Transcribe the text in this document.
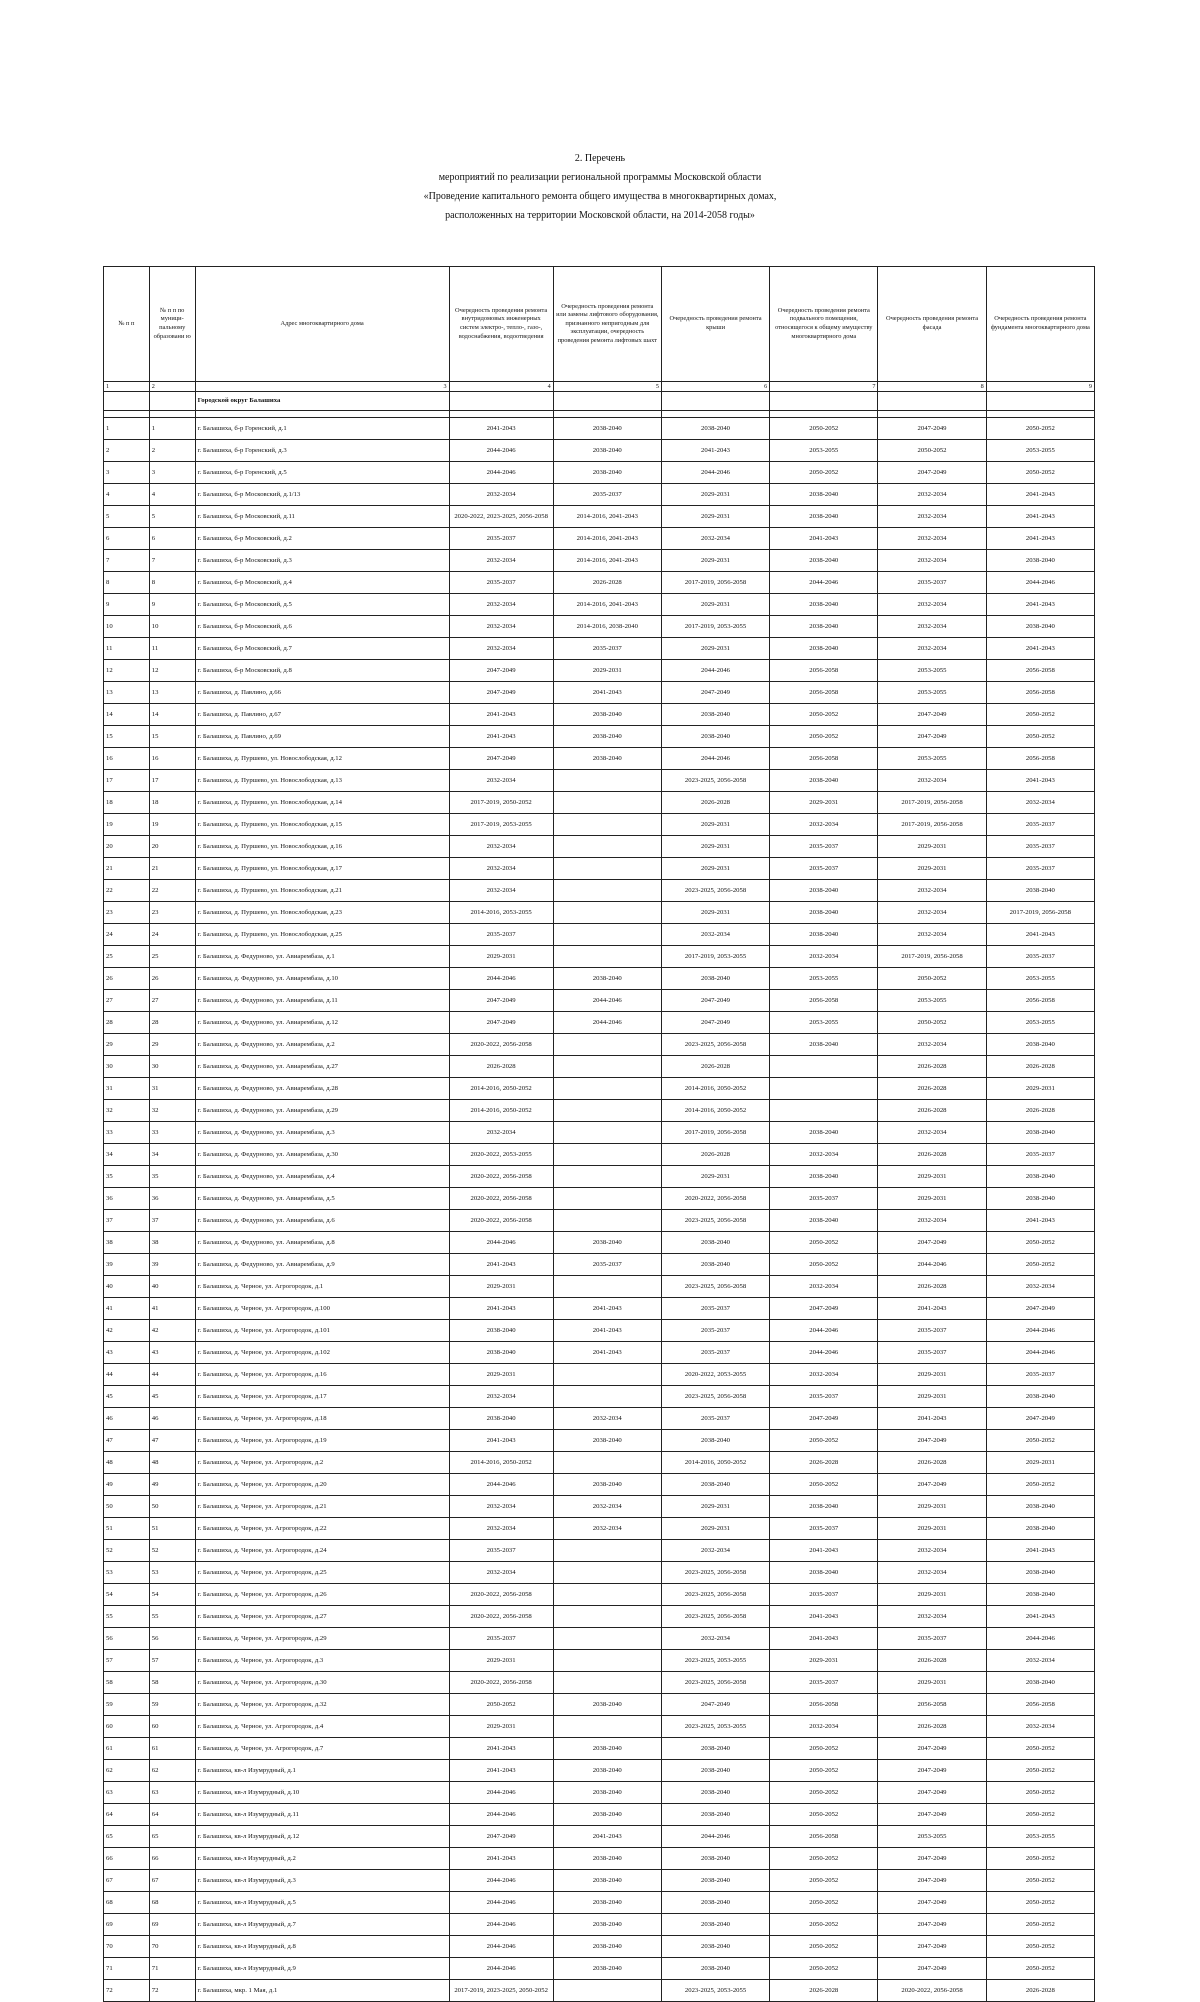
2. Перечень
мероприятий по реализации региональной программы Московской области
«Проведение капитального ремонта общего имущества в многоквартирных домах,
расположенных на территории Московской области, на 2014-2058 годы»
№ п п	№ п п по муници- пальному образовани ю	Адрес многоквартирного дома	Очередность проведения ремонта внутридомовых инженерных систем электро-, тепло-, газо-, водоснабжения, водоотведения	Очередность проведения ремонта или замены лифтового оборудования, признанного непригодным для эксплуатации, очередность проведения ремонта лифтовых шахт	Очередность проведения ремонта крыши	Очередность проведения ремонта подвального помещения, относящегося к общему имуществу многоквартирного дома	Очередность проведения ремонта фасада	Очередность проведения ремонта фундамента многоквартирного дома
1	2	3	4	5	6	7	8	9
		Городской округ Балашиха						

1	1	г. Балашиха, б-р Горенский, д.1	2041-2043	2038-2040	2038-2040	2050-2052	2047-2049	2050-2052
2	2	г. Балашиха, б-р Горенский, д.3	2044-2046	2038-2040	2041-2043	2053-2055	2050-2052	2053-2055
3	3	г. Балашиха, б-р Горенский, д.5	2044-2046	2038-2040	2044-2046	2050-2052	2047-2049	2050-2052
4	4	г. Балашиха, б-р Московский, д.1/13	2032-2034	2035-2037	2029-2031	2038-2040	2032-2034	2041-2043
5	5	г. Балашиха, б-р Московский, д.11	2020-2022, 2023-2025, 2056-2058	2014-2016, 2041-2043	2029-2031	2038-2040	2032-2034	2041-2043
6	6	г. Балашиха, б-р Московский, д.2	2035-2037	2014-2016, 2041-2043	2032-2034	2041-2043	2032-2034	2041-2043
7	7	г. Балашиха, б-р Московский, д.3	2032-2034	2014-2016, 2041-2043	2029-2031	2038-2040	2032-2034	2038-2040
8	8	г. Балашиха, б-р Московский, д.4	2035-2037	2026-2028	2017-2019, 2056-2058	2044-2046	2035-2037	2044-2046
9	9	г. Балашиха, б-р Московский, д.5	2032-2034	2014-2016, 2041-2043	2029-2031	2038-2040	2032-2034	2041-2043
10	10	г. Балашиха, б-р Московский, д.6	2032-2034	2014-2016, 2038-2040	2017-2019, 2053-2055	2038-2040	2032-2034	2038-2040
11	11	г. Балашиха, б-р Московский, д.7	2032-2034	2035-2037	2029-2031	2038-2040	2032-2034	2041-2043
12	12	г. Балашиха, б-р Московский, д.8	2047-2049	2029-2031	2044-2046	2056-2058	2053-2055	2056-2058
13	13	г. Балашиха, д. Павлино, д.66	2047-2049	2041-2043	2047-2049	2056-2058	2053-2055	2056-2058
14	14	г. Балашиха, д. Павлино, д.67	2041-2043	2038-2040	2038-2040	2050-2052	2047-2049	2050-2052
15	15	г. Балашиха, д. Павлино, д.69	2041-2043	2038-2040	2038-2040	2050-2052	2047-2049	2050-2052
16	16	г. Балашиха, д. Пуршево, ул. Новослободская, д.12	2047-2049	2038-2040	2044-2046	2056-2058	2053-2055	2056-2058
17	17	г. Балашиха, д. Пуршево, ул. Новослободская, д.13	2032-2034		2023-2025, 2056-2058	2038-2040	2032-2034	2041-2043
18	18	г. Балашиха, д. Пуршево, ул. Новослободская, д.14	2017-2019, 2050-2052		2026-2028	2029-2031	2017-2019, 2056-2058	2032-2034
19	19	г. Балашиха, д. Пуршево, ул. Новослободская, д.15	2017-2019, 2053-2055		2029-2031	2032-2034	2017-2019, 2056-2058	2035-2037
20	20	г. Балашиха, д. Пуршево, ул. Новослободская, д.16	2032-2034		2029-2031	2035-2037	2029-2031	2035-2037
21	21	г. Балашиха, д. Пуршево, ул. Новослободская, д.17	2032-2034		2029-2031	2035-2037	2029-2031	2035-2037
22	22	г. Балашиха, д. Пуршево, ул. Новослободская, д.21	2032-2034		2023-2025, 2056-2058	2038-2040	2032-2034	2038-2040
23	23	г. Балашиха, д. Пуршево, ул. Новослободская, д.23	2014-2016, 2053-2055		2029-2031	2038-2040	2032-2034	2017-2019, 2056-2058
24	24	г. Балашиха, д. Пуршево, ул. Новослободская, д.25	2035-2037		2032-2034	2038-2040	2032-2034	2041-2043
25	25	г. Балашиха, д. Федурново, ул. Авиарембаза, д.1	2029-2031		2017-2019, 2053-2055	2032-2034	2017-2019, 2056-2058	2035-2037
26	26	г. Балашиха, д. Федурново, ул. Авиарембаза, д.10	2044-2046	2038-2040	2038-2040	2053-2055	2050-2052	2053-2055
27	27	г. Балашиха, д. Федурново, ул. Авиарембаза, д.11	2047-2049	2044-2046	2047-2049	2056-2058	2053-2055	2056-2058
28	28	г. Балашиха, д. Федурново, ул. Авиарембаза, д.12	2047-2049	2044-2046	2047-2049	2053-2055	2050-2052	2053-2055
29	29	г. Балашиха, д. Федурново, ул. Авиарембаза, д.2	2020-2022, 2056-2058		2023-2025, 2056-2058	2038-2040	2032-2034	2038-2040
30	30	г. Балашиха, д. Федурново, ул. Авиарембаза, д.27	2026-2028		2026-2028		2026-2028	2026-2028
31	31	г. Балашиха, д. Федурново, ул. Авиарембаза, д.28	2014-2016, 2050-2052		2014-2016, 2050-2052		2026-2028	2029-2031
32	32	г. Балашиха, д. Федурново, ул. Авиарембаза, д.29	2014-2016, 2050-2052		2014-2016, 2050-2052		2026-2028	2026-2028
33	33	г. Балашиха, д. Федурново, ул. Авиарембаза, д.3	2032-2034		2017-2019, 2056-2058	2038-2040	2032-2034	2038-2040
34	34	г. Балашиха, д. Федурново, ул. Авиарембаза, д.30	2020-2022, 2053-2055		2026-2028	2032-2034	2026-2028	2035-2037
35	35	г. Балашиха, д. Федурново, ул. Авиарембаза, д.4	2020-2022, 2056-2058		2029-2031	2038-2040	2029-2031	2038-2040
36	36	г. Балашиха, д. Федурново, ул. Авиарембаза, д.5	2020-2022, 2056-2058		2020-2022, 2056-2058	2035-2037	2029-2031	2038-2040
37	37	г. Балашиха, д. Федурново, ул. Авиарембаза, д.6	2020-2022, 2056-2058		2023-2025, 2056-2058	2038-2040	2032-2034	2041-2043
38	38	г. Балашиха, д. Федурново, ул. Авиарембаза, д.8	2044-2046	2038-2040	2038-2040	2050-2052	2047-2049	2050-2052
39	39	г. Балашиха, д. Федурново, ул. Авиарембаза, д.9	2041-2043	2035-2037	2038-2040	2050-2052	2044-2046	2050-2052
40	40	г. Балашиха, д. Черное, ул. Агрогородок, д.1	2029-2031		2023-2025, 2056-2058	2032-2034	2026-2028	2032-2034
41	41	г. Балашиха, д. Черное, ул. Агрогородок, д.100	2041-2043	2041-2043	2035-2037	2047-2049	2041-2043	2047-2049
42	42	г. Балашиха, д. Черное, ул. Агрогородок, д.101	2038-2040	2041-2043	2035-2037	2044-2046	2035-2037	2044-2046
43	43	г. Балашиха, д. Черное, ул. Агрогородок, д.102	2038-2040	2041-2043	2035-2037	2044-2046	2035-2037	2044-2046
44	44	г. Балашиха, д. Черное, ул. Агрогородок, д.16	2029-2031		2020-2022, 2053-2055	2032-2034	2029-2031	2035-2037
45	45	г. Балашиха, д. Черное, ул. Агрогородок, д.17	2032-2034		2023-2025, 2056-2058	2035-2037	2029-2031	2038-2040
46	46	г. Балашиха, д. Черное, ул. Агрогородок, д.18	2038-2040	2032-2034	2035-2037	2047-2049	2041-2043	2047-2049
47	47	г. Балашиха, д. Черное, ул. Агрогородок, д.19	2041-2043	2038-2040	2038-2040	2050-2052	2047-2049	2050-2052
48	48	г. Балашиха, д. Черное, ул. Агрогородок, д.2	2014-2016, 2050-2052		2014-2016, 2050-2052	2026-2028	2026-2028	2029-2031
49	49	г. Балашиха, д. Черное, ул. Агрогородок, д.20	2044-2046	2038-2040	2038-2040	2050-2052	2047-2049	2050-2052
50	50	г. Балашиха, д. Черное, ул. Агрогородок, д.21	2032-2034	2032-2034	2029-2031	2038-2040	2029-2031	2038-2040
51	51	г. Балашиха, д. Черное, ул. Агрогородок, д.22	2032-2034	2032-2034	2029-2031	2035-2037	2029-2031	2038-2040
52	52	г. Балашиха, д. Черное, ул. Агрогородок, д.24	2035-2037		2032-2034	2041-2043	2032-2034	2041-2043
53	53	г. Балашиха, д. Черное, ул. Агрогородок, д.25	2032-2034		2023-2025, 2056-2058	2038-2040	2032-2034	2038-2040
54	54	г. Балашиха, д. Черное, ул. Агрогородок, д.26	2020-2022, 2056-2058		2023-2025, 2056-2058	2035-2037	2029-2031	2038-2040
55	55	г. Балашиха, д. Черное, ул. Агрогородок, д.27	2020-2022, 2056-2058		2023-2025, 2056-2058	2041-2043	2032-2034	2041-2043
56	56	г. Балашиха, д. Черное, ул. Агрогородок, д.29	2035-2037		2032-2034	2041-2043	2035-2037	2044-2046
57	57	г. Балашиха, д. Черное, ул. Агрогородок, д.3	2029-2031		2023-2025, 2053-2055	2029-2031	2026-2028	2032-2034
58	58	г. Балашиха, д. Черное, ул. Агрогородок, д.30	2020-2022, 2056-2058		2023-2025, 2056-2058	2035-2037	2029-2031	2038-2040
59	59	г. Балашиха, д. Черное, ул. Агрогородок, д.32	2050-2052	2038-2040	2047-2049	2056-2058	2056-2058	2056-2058
60	60	г. Балашиха, д. Черное, ул. Агрогородок, д.4	2029-2031		2023-2025, 2053-2055	2032-2034	2026-2028	2032-2034
61	61	г. Балашиха, д. Черное, ул. Агрогородок, д.7	2041-2043	2038-2040	2038-2040	2050-2052	2047-2049	2050-2052
62	62	г. Балашиха, кв-л Изумрудный, д.1	2041-2043	2038-2040	2038-2040	2050-2052	2047-2049	2050-2052
63	63	г. Балашиха, кв-л Изумрудный, д.10	2044-2046	2038-2040	2038-2040	2050-2052	2047-2049	2050-2052
64	64	г. Балашиха, кв-л Изумрудный, д.11	2044-2046	2038-2040	2038-2040	2050-2052	2047-2049	2050-2052
65	65	г. Балашиха, кв-л Изумрудный, д.12	2047-2049	2041-2043	2044-2046	2056-2058	2053-2055	2053-2055
66	66	г. Балашиха, кв-л Изумрудный, д.2	2041-2043	2038-2040	2038-2040	2050-2052	2047-2049	2050-2052
67	67	г. Балашиха, кв-л Изумрудный, д.3	2044-2046	2038-2040	2038-2040	2050-2052	2047-2049	2050-2052
68	68	г. Балашиха, кв-л Изумрудный, д.5	2044-2046	2038-2040	2038-2040	2050-2052	2047-2049	2050-2052
69	69	г. Балашиха, кв-л Изумрудный, д.7	2044-2046	2038-2040	2038-2040	2050-2052	2047-2049	2050-2052
70	70	г. Балашиха, кв-л Изумрудный, д.8	2044-2046	2038-2040	2038-2040	2050-2052	2047-2049	2050-2052
71	71	г. Балашиха, кв-л Изумрудный, д.9	2044-2046	2038-2040	2038-2040	2050-2052	2047-2049	2050-2052
72	72	г. Балашиха, мкр. 1 Мая, д.1	2017-2019, 2023-2025, 2050-2052		2023-2025, 2053-2055	2026-2028	2020-2022, 2056-2058	2026-2028
